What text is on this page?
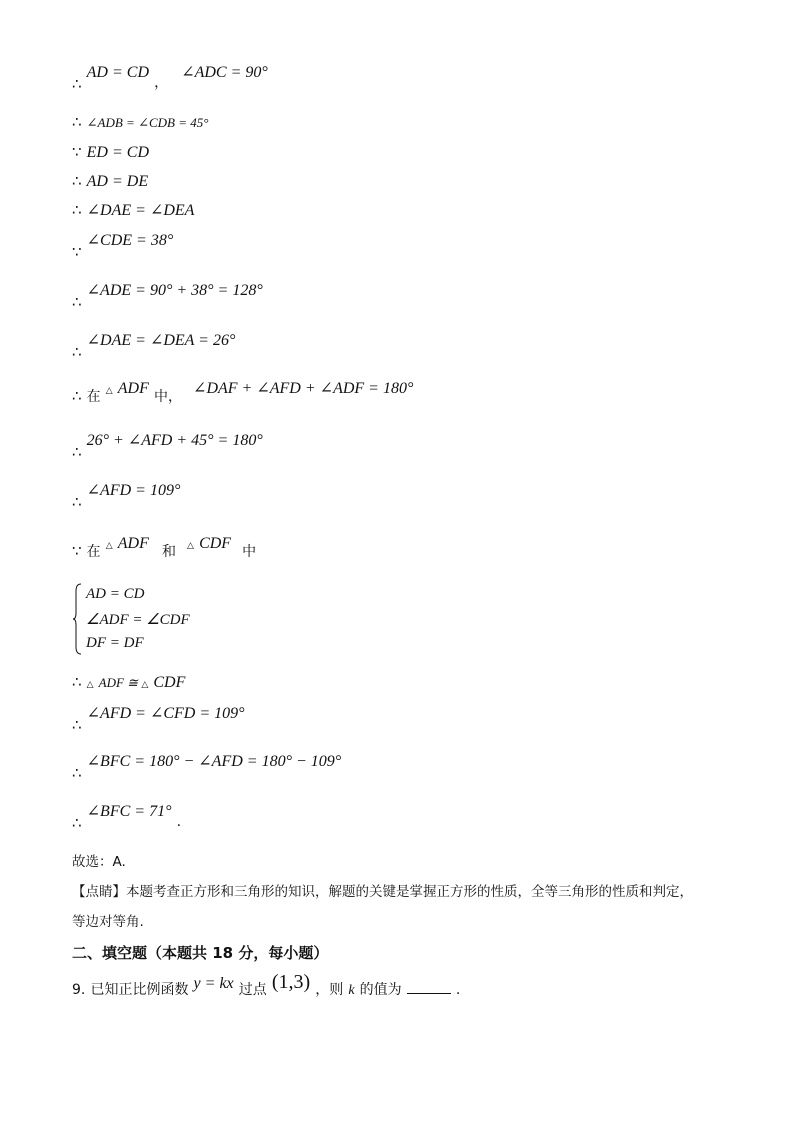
∴ AD = CD ， ∠ADC = 90°
∴ ∠ADB = ∠CDB = 45°
∵ ED = CD
∴ AD = DE
∴ ∠DAE = ∠DEA
∵ ∠CDE = 38°
∴ ∠ADE = 90° + 38° = 128°
∴ ∠DAE = ∠DEA = 26°
∴ 在 △ ADF 中， ∠DAF + ∠AFD + ∠ADF = 180°
∴ 26° + ∠AFD + 45° = 180°
∴ ∠AFD = 109°
∵ 在 △ ADF 和 △ CDF 中
AD = CD
∠ADF = ∠CDF
DF = DF
∴ △ ADF ≅ △ CDF
∴ ∠AFD = ∠CFD = 109°
∴ ∠BFC = 180° − ∠AFD = 180° − 109°
∴ ∠BFC = 71° .
故选：A.
【点睛】本题考查正方形和三角形的知识，解题的关键是掌握正方形的性质，全等三角形的性质和判定，
等边对等角.
二、填空题（本题共 18 分，每小题）
9. 已知正比例函数 y = kx 过点 (1,3) ，则 k 的值为	.
